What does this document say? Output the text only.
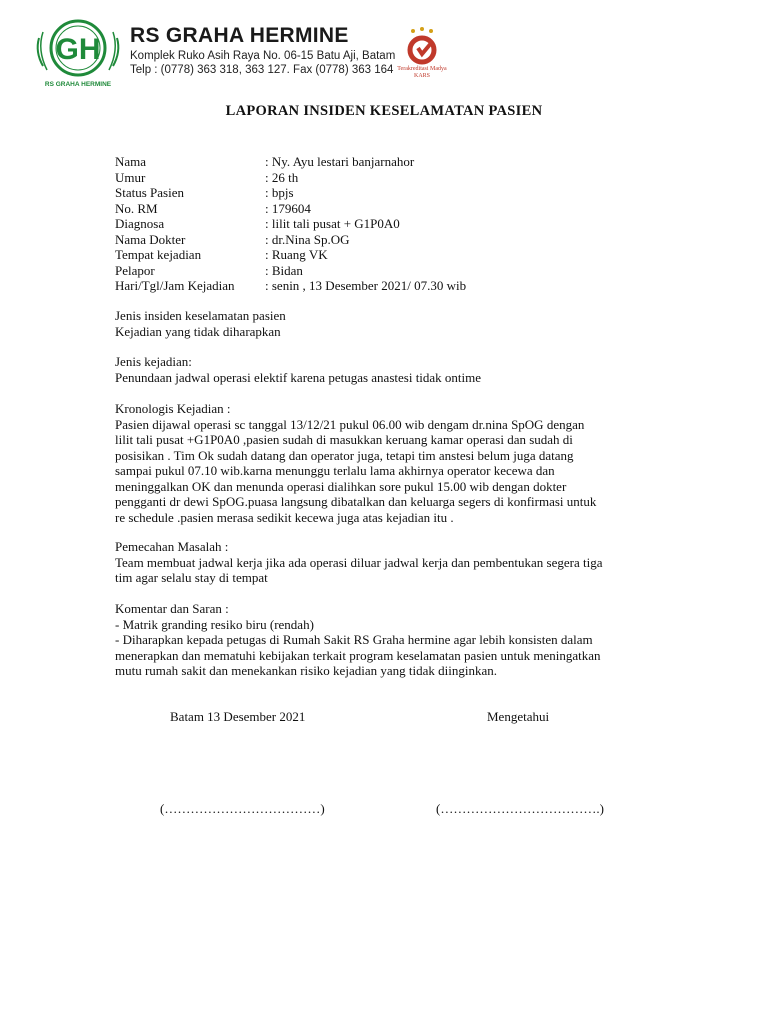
GH
RS GRAHA HERMINE
RS GRAHA HERMINE
Komplek Ruko Asih Raya No. 06-15 Batu Aji, Batam
Telp : (0778) 363 318, 363 127. Fax (0778) 363 164 Terakreditasi Madya
KARS
LAPORAN INSIDEN KESELAMATAN PASIEN
Nama	: Ny. Ayu lestari banjarnahor
Umur	: 26 th
Status Pasien	: bpjs
No. RM	: 179604
Diagnosa	: lilit tali pusat + G1P0A0
Nama Dokter	: dr.Nina Sp.OG
Tempat kejadian	: Ruang VK
Pelapor	: Bidan
Hari/Tgl/Jam Kejadian	: senin , 13 Desember 2021/ 07.30 wib
Jenis insiden keselamatan pasien
Kejadian yang tidak diharapkan
Jenis kejadian:
Penundaan jadwal operasi elektif karena petugas anastesi tidak ontime
Kronologis Kejadian :
Pasien dijawal operasi sc tanggal 13/12/21 pukul 06.00 wib dengam dr.nina SpOG dengan
lilit tali pusat +G1P0A0 ,pasien sudah di masukkan keruang kamar operasi dan sudah di
posisikan . Tim Ok sudah datang dan operator juga, tetapi tim anstesi belum juga datang
sampai pukul 07.10 wib.karna menunggu terlalu lama akhirnya operator kecewa dan
meninggalkan OK dan menunda operasi dialihkan sore pukul 15.00 wib dengan dokter
pengganti dr dewi SpOG.puasa langsung dibatalkan dan keluarga segers di konfirmasi untuk
re schedule .pasien merasa sedikit kecewa juga atas kejadian itu .
Pemecahan Masalah :
Team membuat jadwal kerja jika ada operasi diluar jadwal kerja dan pembentukan segera tiga
tim agar selalu stay di tempat
Komentar dan Saran :
- Matrik granding resiko biru (rendah)
- Diharapkan kepada petugas di Rumah Sakit RS Graha hermine agar lebih konsisten dalam
menerapkan dan mematuhi kebijakan terkait program keselamatan pasien untuk meningatkan
mutu rumah sakit dan menekankan risiko kejadian yang tidak diinginkan.
Batam 13 Desember 2021	Mengetahui
(………………………………)	(……………………………….)
